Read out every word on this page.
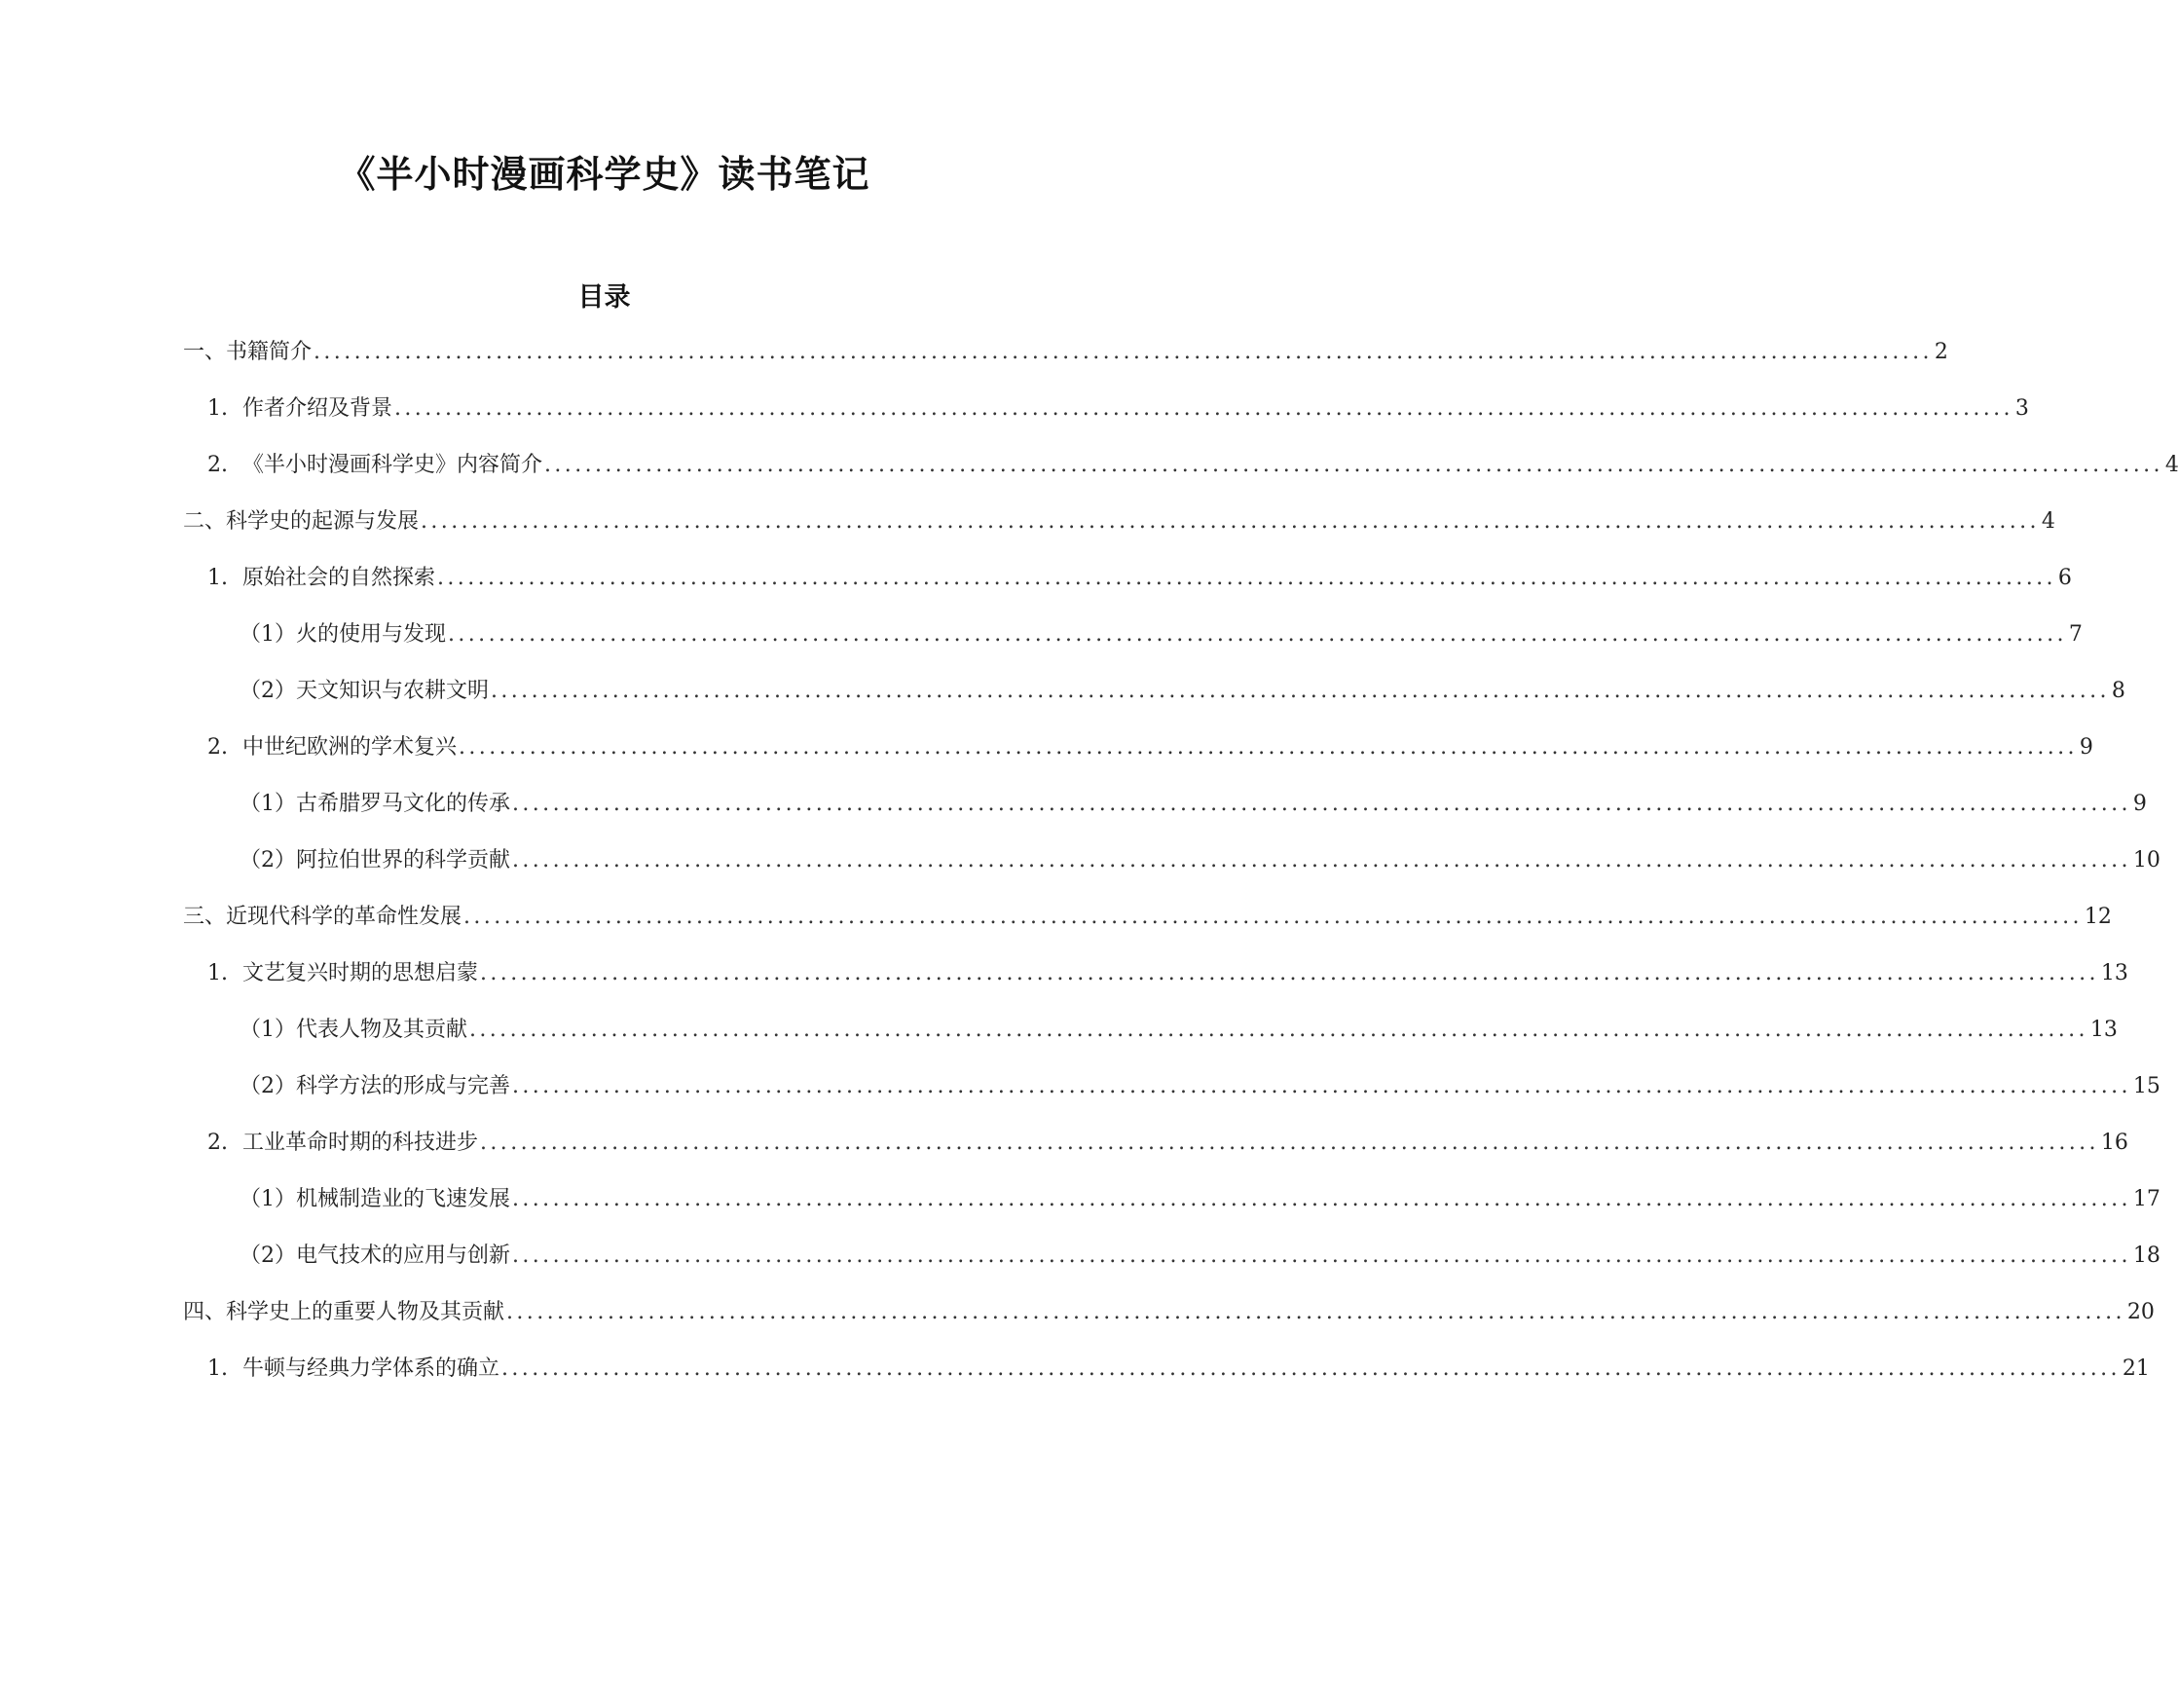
《半小时漫画科学史》读书笔记
目录
一、书籍简介 ................................................................................................................................................................ 2
1. 作者介绍及背景 ................................................................................................................................................................ 3
2. 《半小时漫画科学史》内容简介 ................................................................................................................................................................ 4
二、科学史的起源与发展 ................................................................................................................................................................ 4
1. 原始社会的自然探索 ................................................................................................................................................................ 6
（1）火的使用与发现 ................................................................................................................................................................ 7
（2）天文知识与农耕文明 ................................................................................................................................................................ 8
2. 中世纪欧洲的学术复兴 ................................................................................................................................................................ 9
（1）古希腊罗马文化的传承 ................................................................................................................................................................ 9
（2）阿拉伯世界的科学贡献 ................................................................................................................................................................ 10
三、近现代科学的革命性发展 ................................................................................................................................................................ 12
1. 文艺复兴时期的思想启蒙 ................................................................................................................................................................ 13
（1）代表人物及其贡献 ................................................................................................................................................................ 13
（2）科学方法的形成与完善 ................................................................................................................................................................ 15
2. 工业革命时期的科技进步 ................................................................................................................................................................ 16
（1）机械制造业的飞速发展 ................................................................................................................................................................ 17
（2）电气技术的应用与创新 ................................................................................................................................................................ 18
四、科学史上的重要人物及其贡献 ................................................................................................................................................................ 20
1. 牛顿与经典力学体系的确立 ................................................................................................................................................................ 21
